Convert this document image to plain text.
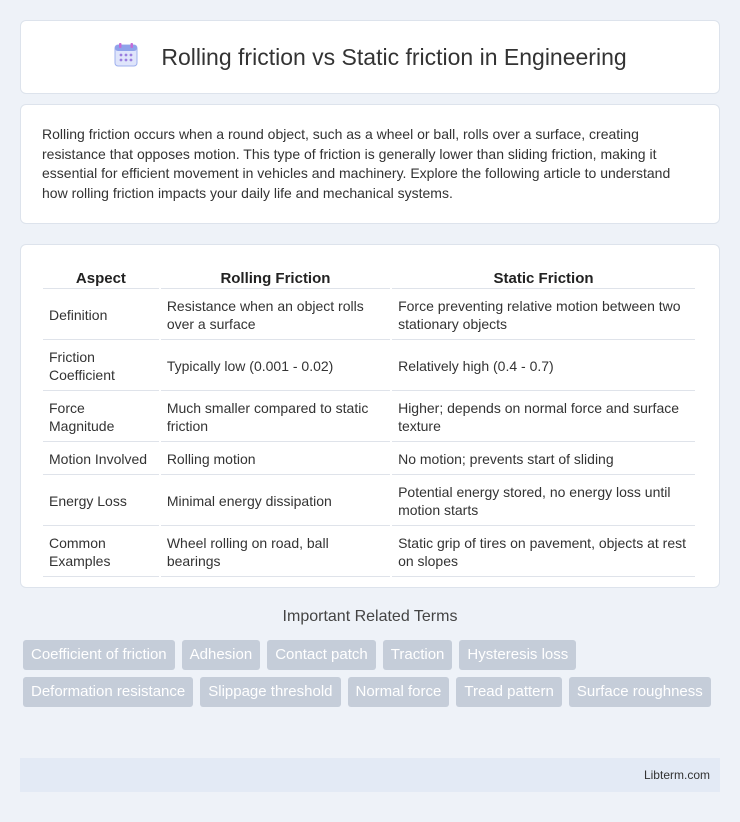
Rolling friction vs Static friction in Engineering

Rolling friction occurs when a round object, such as a wheel or ball, rolls over a surface, creating resistance that opposes motion. This type of friction is generally lower than sliding friction, making it essential for efficient movement in vehicles and machinery. Explore the following article to understand how rolling friction impacts your daily life and mechanical systems.

Aspect	Rolling Friction	Static Friction
Definition	Resistance when an object rolls over a surface	Force preventing relative motion between two stationary objects
Friction Coefficient	Typically low (0.001 - 0.02)	Relatively high (0.4 - 0.7)
Force Magnitude	Much smaller compared to static friction	Higher; depends on normal force and surface texture
Motion Involved	Rolling motion	No motion; prevents start of sliding
Energy Loss	Minimal energy dissipation	Potential energy stored, no energy loss until motion starts
Common Examples	Wheel rolling on road, ball bearings	Static grip of tires on pavement, objects at rest on slopes
Important Related Terms
Coefficient of friction	Adhesion	Contact patch	Traction	Hysteresis loss
Deformation resistance	Slippage threshold	Normal force	Tread pattern	Surface roughness
Libterm.com
